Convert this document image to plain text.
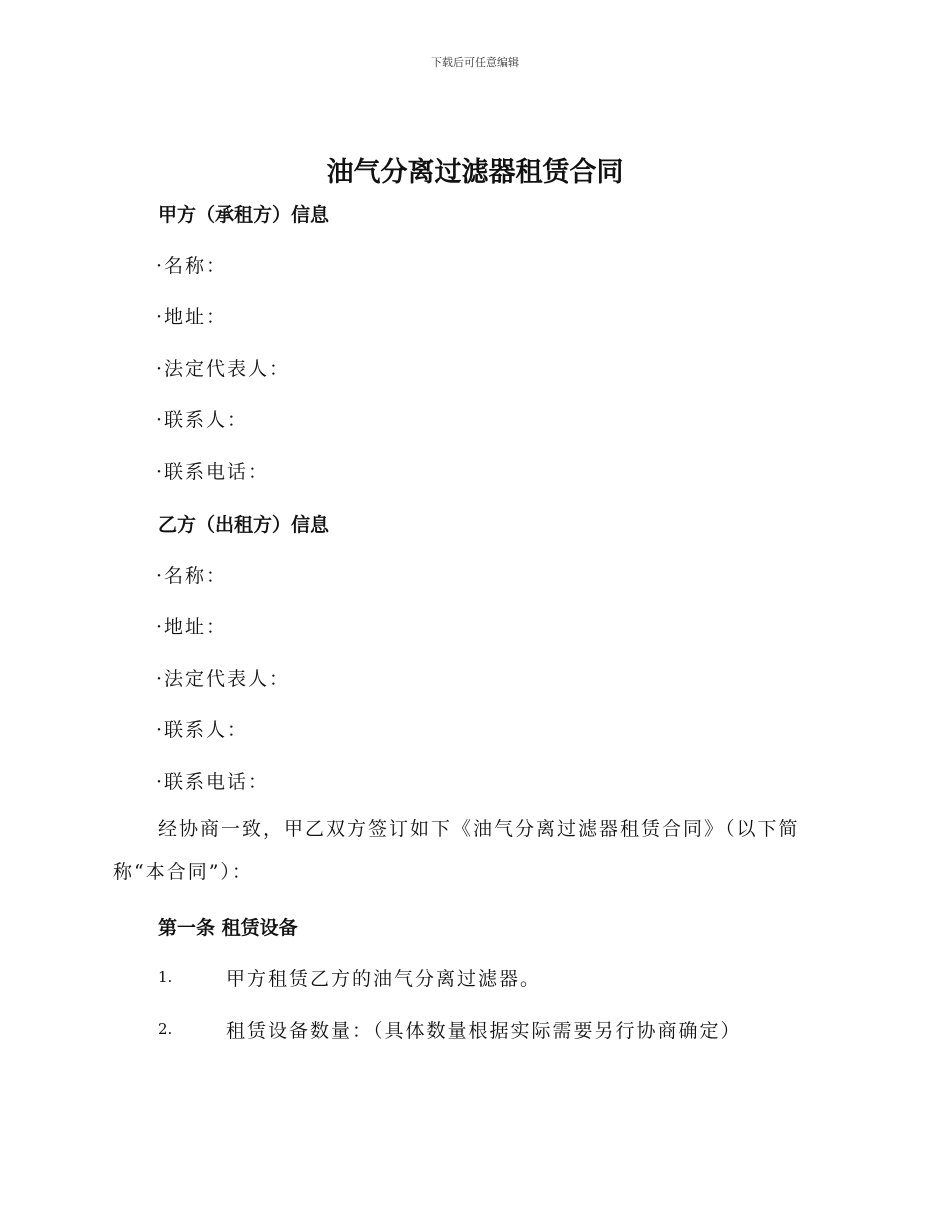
下载后可任意编辑
油气分离过滤器租赁合同
甲方（承租方）信息
·名称：
·地址：
·法定代表人：
·联系人：
·联系电话：
乙方（出租方）信息
·名称：
·地址：
·法定代表人：
·联系人：
·联系电话：
经协商一致，甲乙双方签订如下《油气分离过滤器租赁合同》（以下简
称“本合同”）：
第一条 租赁设备
1.	甲方租赁乙方的油气分离过滤器。
2.	租赁设备数量：（具体数量根据实际需要另行协商确定）
